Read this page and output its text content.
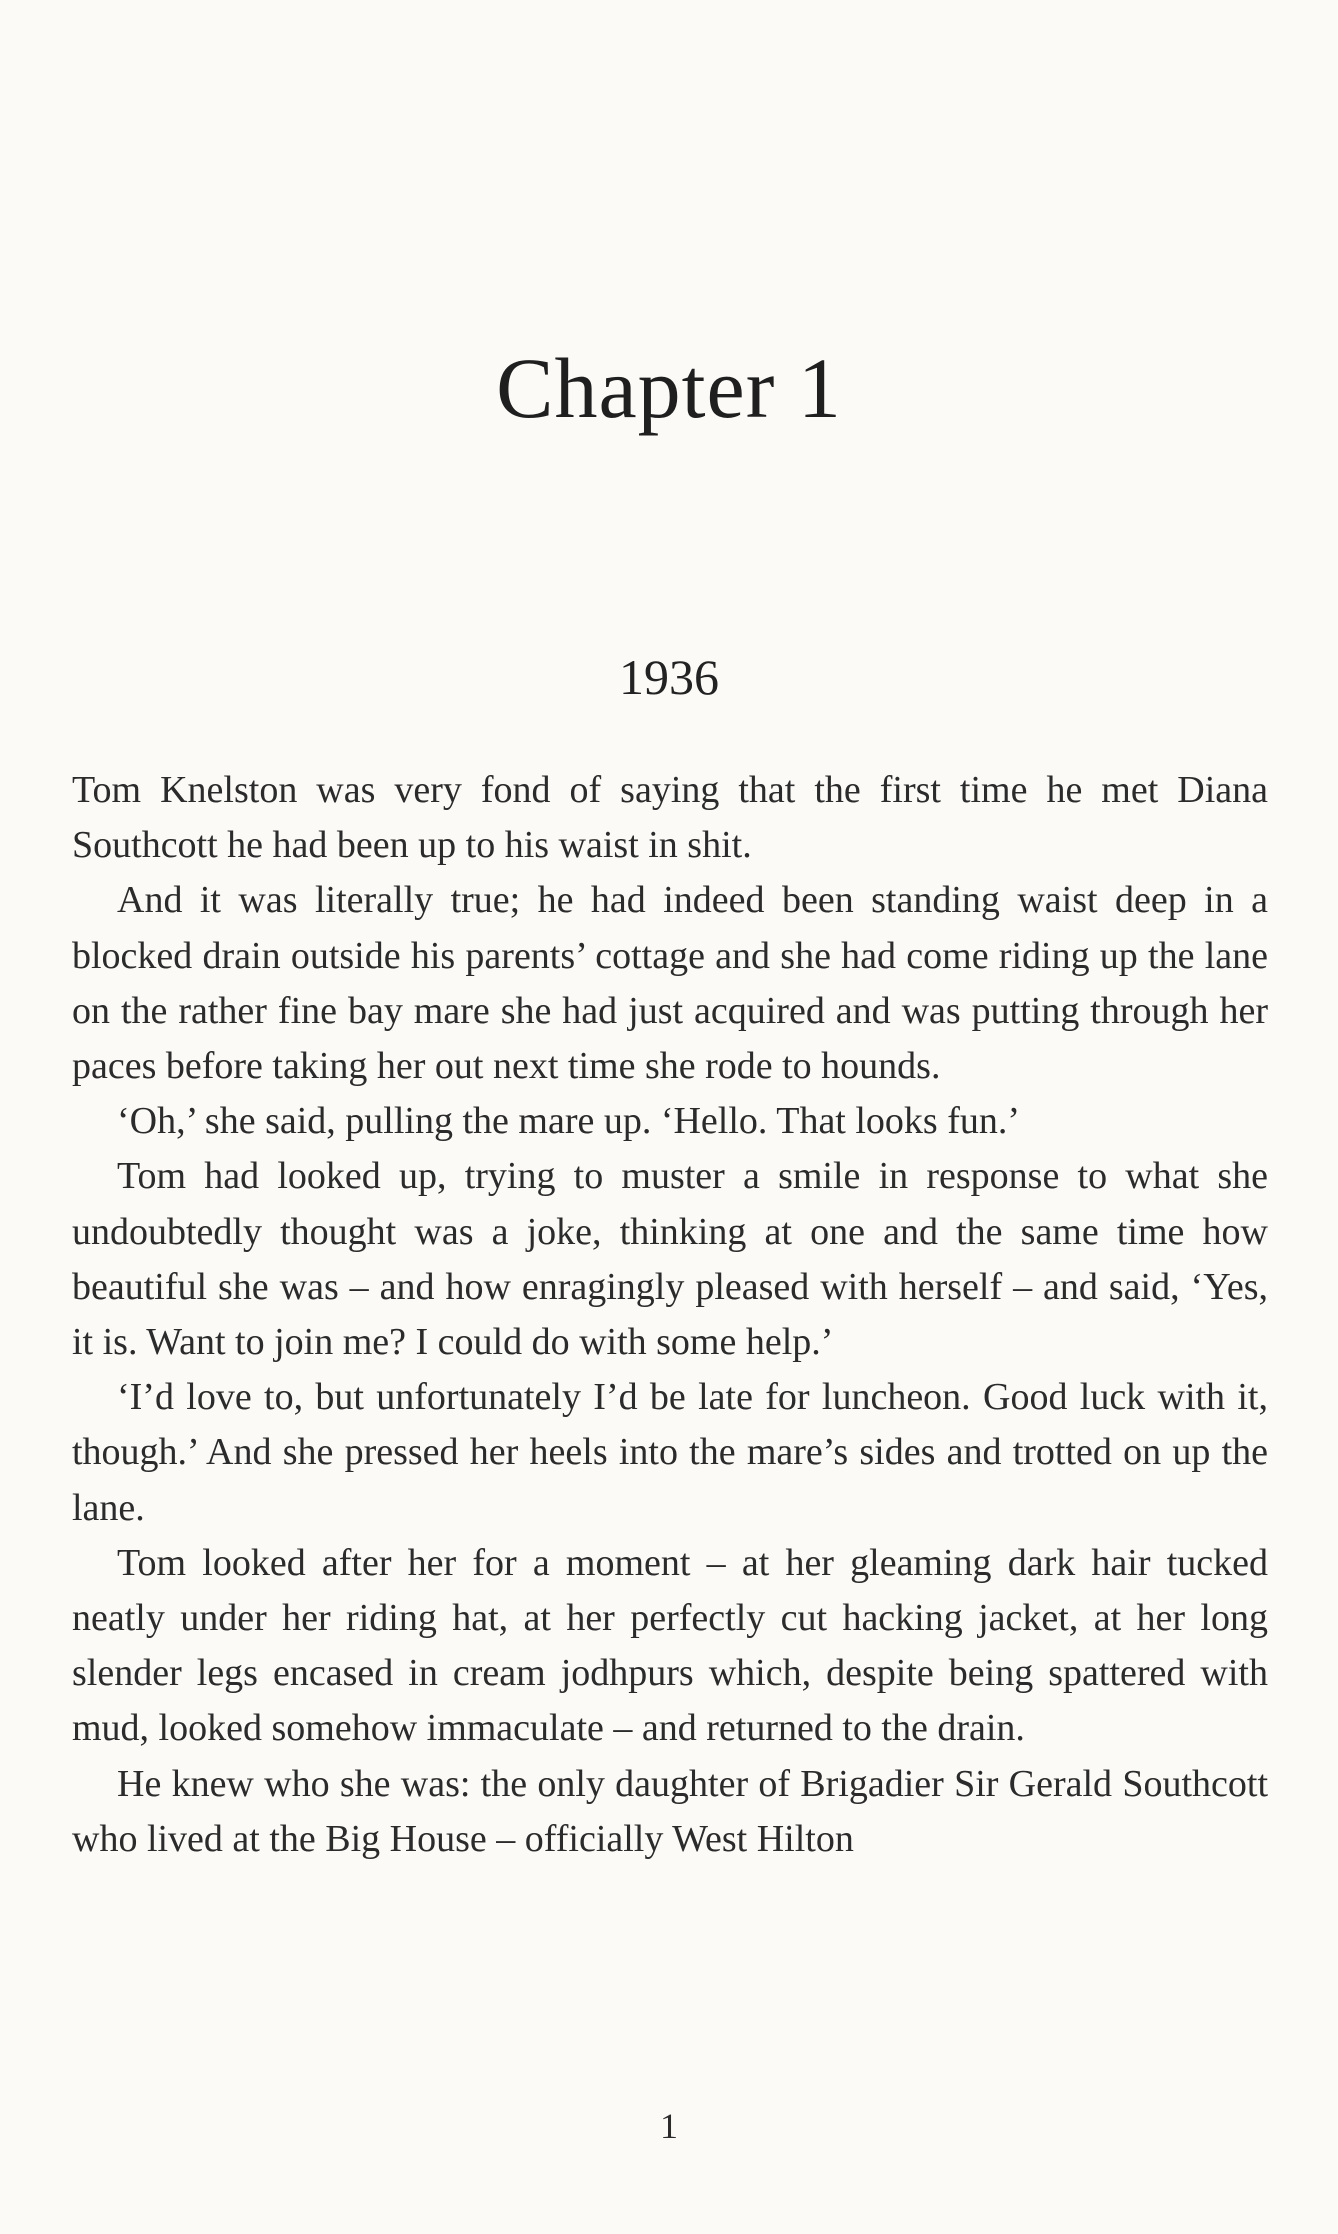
Chapter 1
1936

Tom Knelston was very fond of saying that the first time he met Diana Southcott he had been up to his waist in shit.

And it was literally true; he had indeed been standing waist deep in a blocked drain outside his parents’ cottage and she had come riding up the lane on the rather fine bay mare she had just acquired and was putting through her paces before taking her out next time she rode to hounds.

‘Oh,’ she said, pulling the mare up. ‘Hello. That looks fun.’

Tom had looked up, trying to muster a smile in response to what she undoubtedly thought was a joke, thinking at one and the same time how beautiful she was – and how enragingly pleased with herself – and said, ‘Yes, it is. Want to join me? I could do with some help.’

‘I’d love to, but unfortunately I’d be late for luncheon. Good luck with it, though.’ And she pressed her heels into the mare’s sides and trotted on up the lane.

Tom looked after her for a moment – at her gleaming dark hair tucked neatly under her riding hat, at her perfectly cut hacking jacket, at her long slender legs encased in cream jodhpurs which, despite being spattered with mud, looked somehow immaculate – and returned to the drain.

He knew who she was: the only daughter of Brigadier Sir Gerald Southcott who lived at the Big House – officially West Hilton

1
